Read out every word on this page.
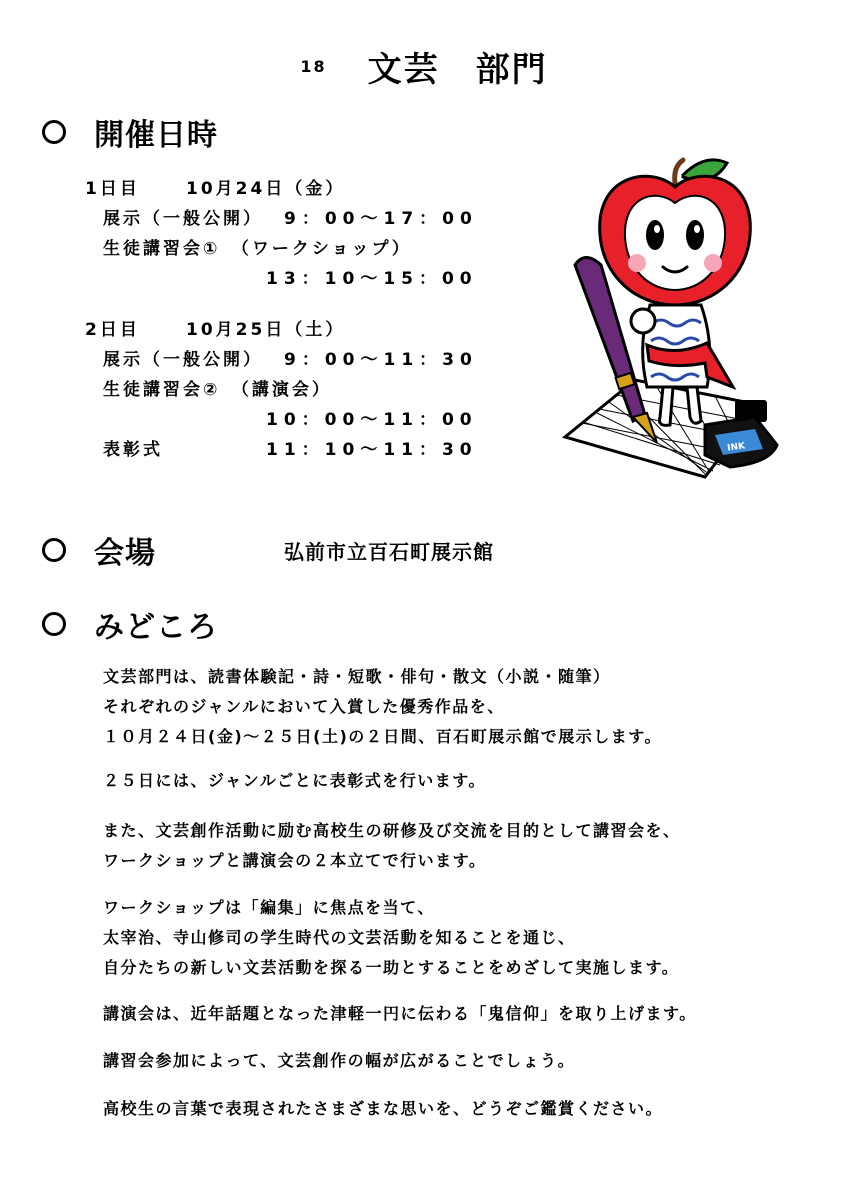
18 文芸　部門
開催日時
1日目	10月24日（金）
展示（一般公開） 9：00～17：00
生徒講習会①　（ワークショップ）
13：10～15：00
2日目	10月25日（土）
展示（一般公開） 9：00～11：30
生徒講習会②　（講演会）
10：00～11：00
表彰式	11：10～11：30	INK
会場	弘前市立百石町展示館
みどころ
文芸部門は、読書体験記・詩・短歌・俳句・散文（小説・随筆）
それぞれのジャンルにおいて入賞した優秀作品を、
１０月２４日(金)～２５日(土)の２日間、百石町展示館で展示します。
２５日には、ジャンルごとに表彰式を行います。
また、文芸創作活動に励む高校生の研修及び交流を目的として講習会を、
ワークショップと講演会の２本立てで行います。
ワークショップは「編集」に焦点を当て、
太宰治、寺山修司の学生時代の文芸活動を知ることを通じ、
自分たちの新しい文芸活動を探る一助とすることをめざして実施します。
講演会は、近年話題となった津軽一円に伝わる「鬼信仰」を取り上げます。
講習会参加によって、文芸創作の幅が広がることでしょう。
高校生の言葉で表現されたさまざまな思いを、どうぞご鑑賞ください。
